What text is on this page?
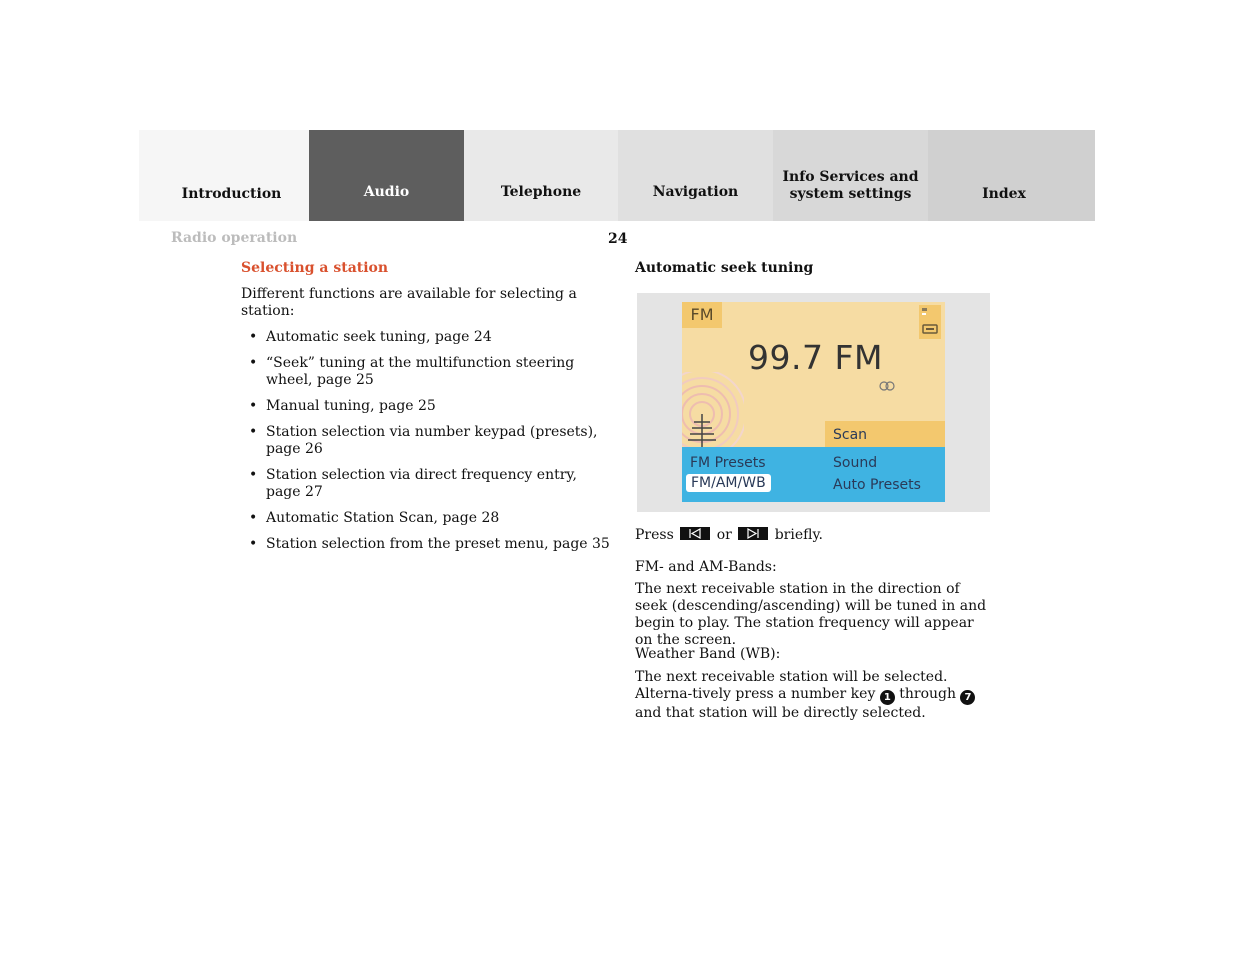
Introduction	Audio	Telephone	Navigation
Info Services and
system settings	Index
Radio operation	24
Selecting a station
Different functions are available for selecting a station:
• Automatic seek tuning, page 24
• “Seek” tuning at the multifunction steering wheel, page 25
• Manual tuning, page 25
• Station selection via number keypad (presets), page 26
• Station selection via direct frequency entry, page 27
• Automatic Station Scan, page 28
• Station selection from the preset menu, page 35
Automatic seek tuning
FM
99.7 FM
Scan
FM Presets	Sound
FM/AM/WB	Auto Presets
Press	or	briefly.
FM- and AM-Bands:
The next receivable station in the direction of seek (descending/ascending) will be tuned in and begin to play. The station frequency will appear on the screen.
Weather Band (WB):
The next receivable station will be selected. Alterna-tively press a number key 1 through 7 and that station will be directly selected.
